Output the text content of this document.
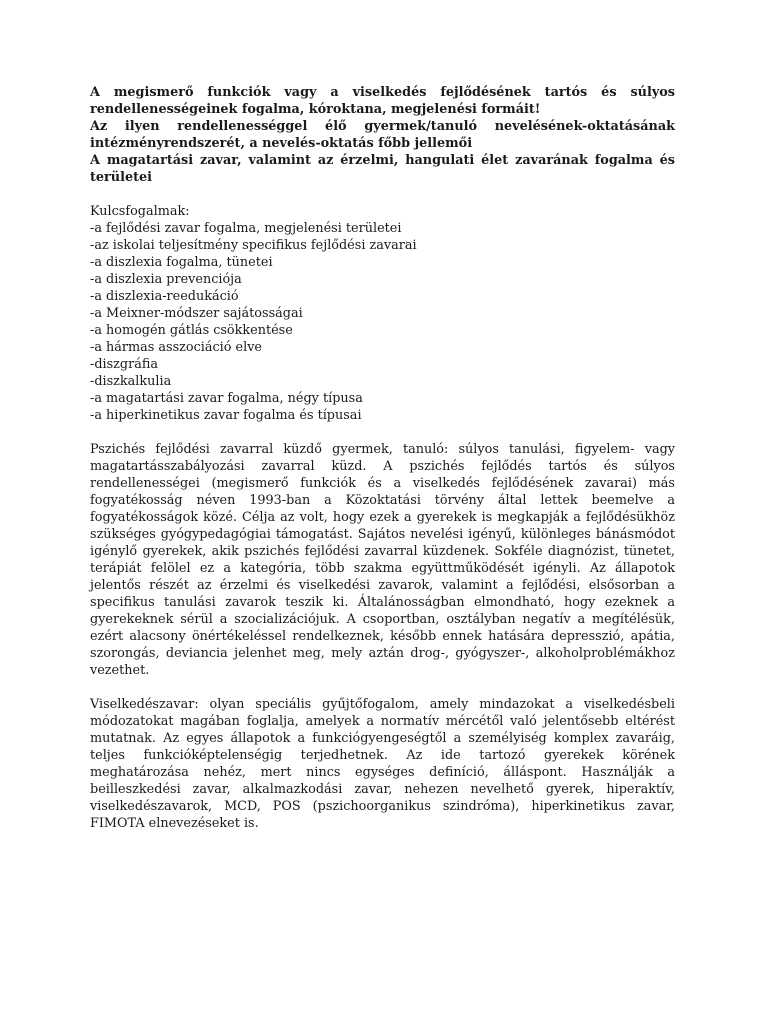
A megismerő funkciók vagy a viselkedés fejlődésének tartós és súlyos rendellenességeinek fogalma, kóroktana, megjelenési formáit!

Az ilyen rendellenességgel élő gyermek/tanuló nevelésének-oktatásának intézményrendszerét, a nevelés-oktatás főbb jellemői

A magatartási zavar, valamint az érzelmi, hangulati élet zavarának fogalma és területei

Kulcsfogalmak:

-a fejlődési zavar fogalma, megjelenési területei
-az iskolai teljesítmény specifikus fejlődési zavarai
-a diszlexia fogalma, tünetei
-a diszlexia prevenciója
-a diszlexia-reedukáció
-a Meixner-módszer sajátosságai
-a homogén gátlás csökkentése
-a hármas asszociáció elve
-diszgráfia
-diszkalkulia
-a magatartási zavar fogalma, négy típusa
-a hiperkinetikus zavar fogalma és típusai

Pszichés fejlődési zavarral küzdő gyermek, tanuló: súlyos tanulási, figyelem- vagy magatartásszabályozási zavarral küzd. A pszichés fejlődés tartós és súlyos rendellenességei (megismerő funkciók és a viselkedés fejlődésének zavarai) más fogyatékosság néven 1993-ban a Közoktatási törvény által lettek beemelve a fogyatékosságok közé. Célja az volt, hogy ezek a gyerekek is megkapják a fejlődésükhöz szükséges gyógypedagógiai támogatást. Sajátos nevelési igényű, különleges bánásmódot igénylő gyerekek, akik pszichés fejlődési zavarral küzdenek. Sokféle diagnózist, tünetet, terápiát felölel ez a kategória, több szakma együttműködését igényli. Az állapotok jelentős részét az érzelmi és viselkedési zavarok, valamint a fejlődési, elsősorban a specifikus tanulási zavarok teszik ki. Általánosságban elmondható, hogy ezeknek a gyerekeknek sérül a szocializációjuk. A csoportban, osztályban negatív a megítélésük, ezért alacsony önértékeléssel rendelkeznek, később ennek hatására depresszió, apátia, szorongás, deviancia jelenhet meg, mely aztán drog-, gyógyszer-, alkoholproblémákhoz vezethet.

Viselkedészavar: olyan speciális gyűjtőfogalom, amely mindazokat a viselkedésbeli módozatokat magában foglalja, amelyek a normatív mércétől való jelentősebb eltérést mutatnak. Az egyes állapotok a funkciógyengeségtől a személyiség komplex zavaráig, teljes funkcióképtelenségig terjedhetnek. Az ide tartozó gyerekek körének meghatározása nehéz, mert nincs egységes definíció, álláspont. Használják a beilleszkedési zavar, alkalmazkodási zavar, nehezen nevelhető gyerek, hiperaktív, viselkedészavarok, MCD, POS (pszichoorganikus szindróma), hiperkinetikus zavar, FIMOTA elnevezéseket is.
